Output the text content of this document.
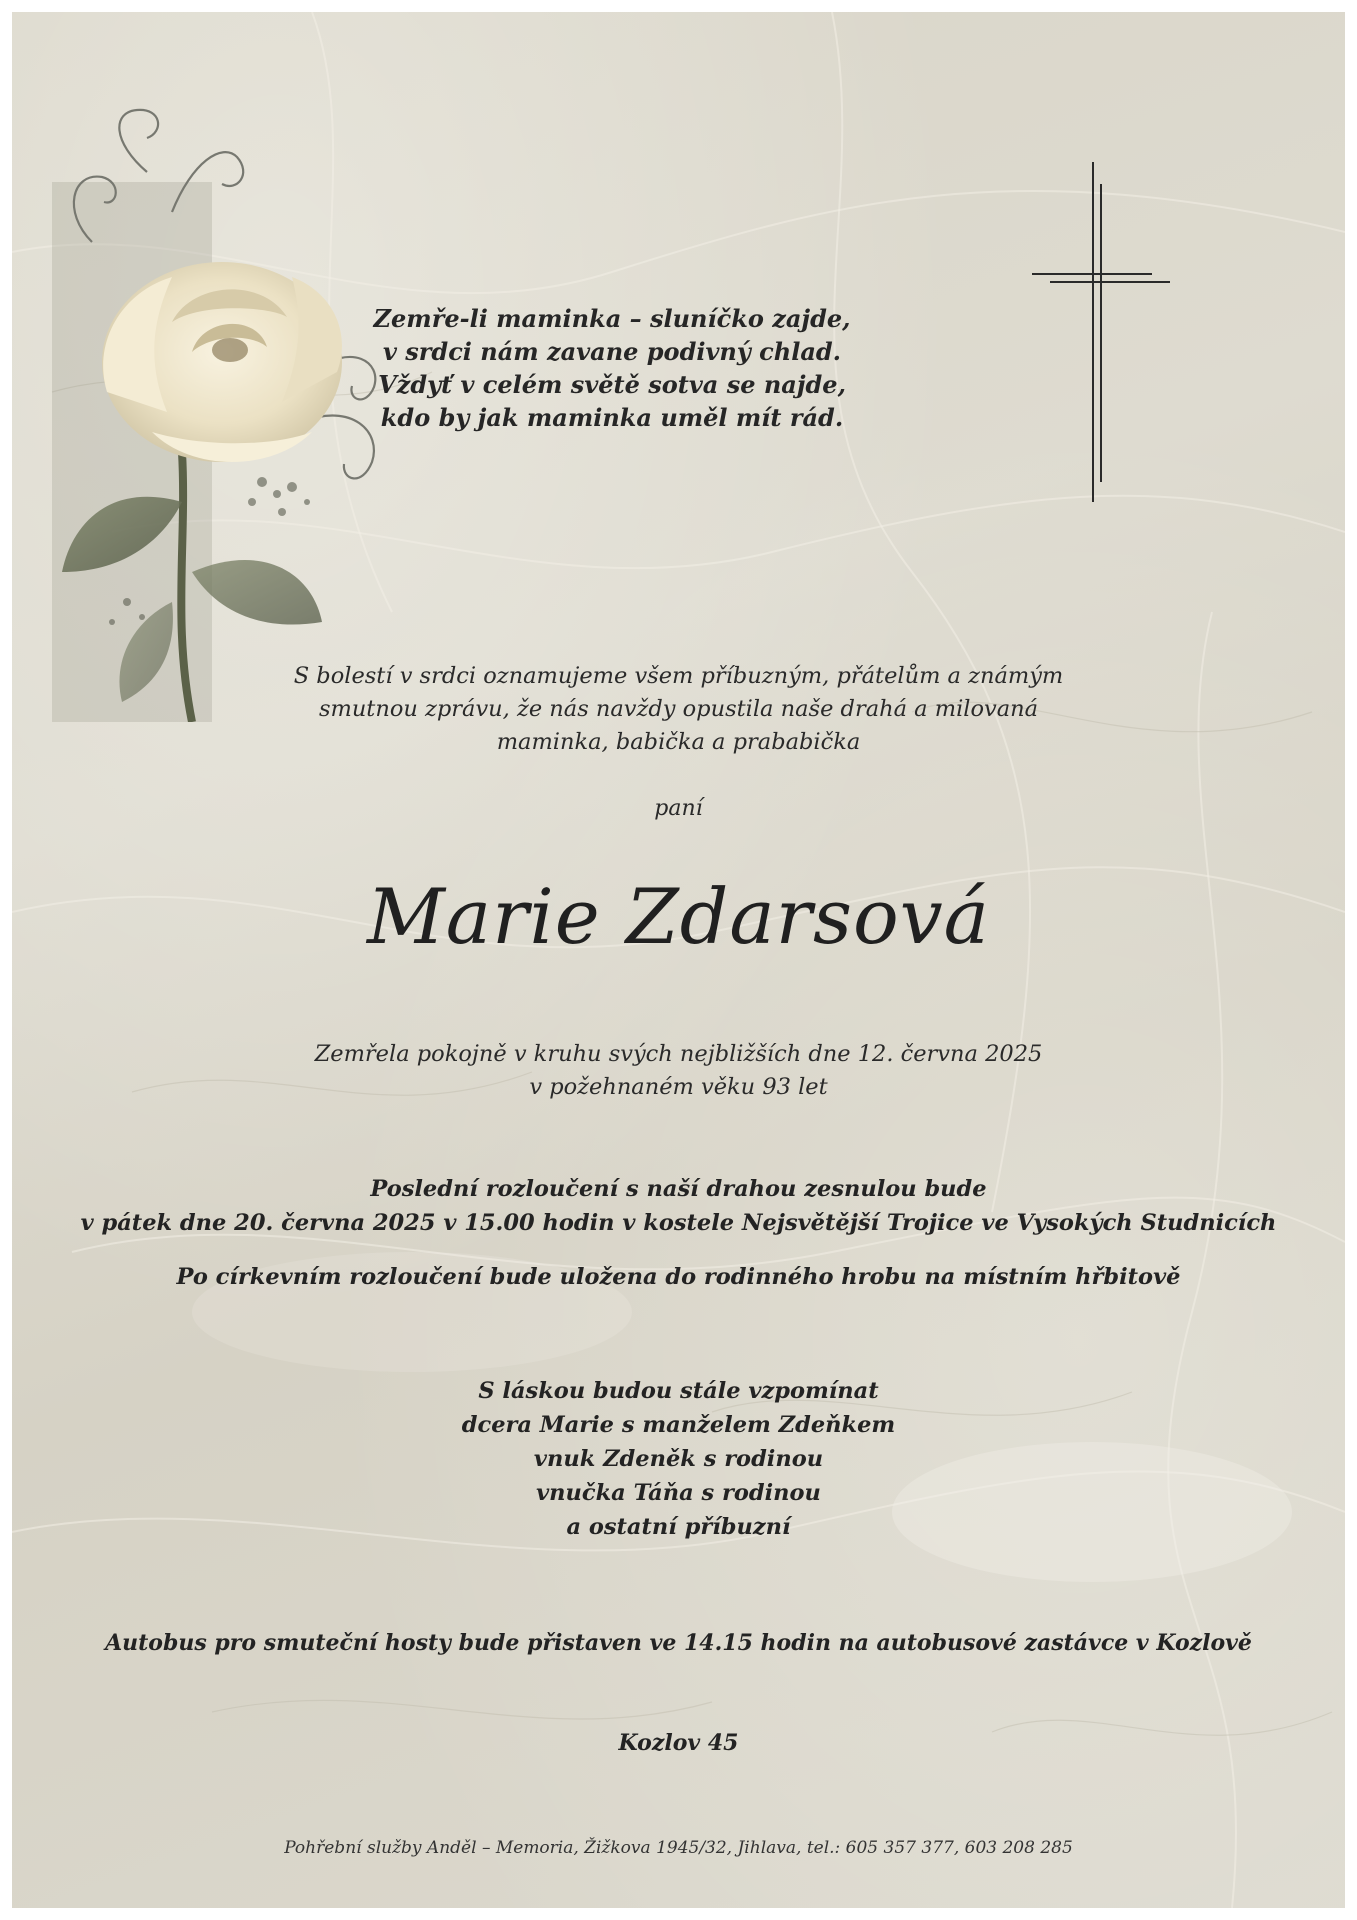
Zemře-li maminka – sluníčko zajde,
v srdci nám zavane podivný chlad.
Vždyť v celém světě sotva se najde,
kdo by jak maminka uměl mít rád.
S bolestí v srdci oznamujeme všem příbuzným, přátelům a známým
smutnou zprávu, že nás navždy opustila naše drahá a milovaná
maminka, babička a prababička
paní
Marie Zdarsová
Zemřela pokojně v kruhu svých nejbližších dne 12. června 2025
v požehnaném věku 93 let
Poslední rozloučení s naší drahou zesnulou bude
v pátek dne 20. června 2025 v 15.00 hodin v kostele Nejsvětější Trojice ve Vysokých Studnicích
Po církevním rozloučení bude uložena do rodinného hrobu na místním hřbitově
S láskou budou stále vzpomínat
dcera Marie s manželem Zdeňkem
vnuk Zdeněk s rodinou
vnučka Táňa s rodinou
a ostatní příbuzní
Autobus pro smuteční hosty bude přistaven ve 14.15 hodin na autobusové zastávce v Kozlově
Kozlov 45
Pohřební služby Anděl – Memoria, Žižkova 1945/32, Jihlava, tel.: 605 357 377, 603 208 285
